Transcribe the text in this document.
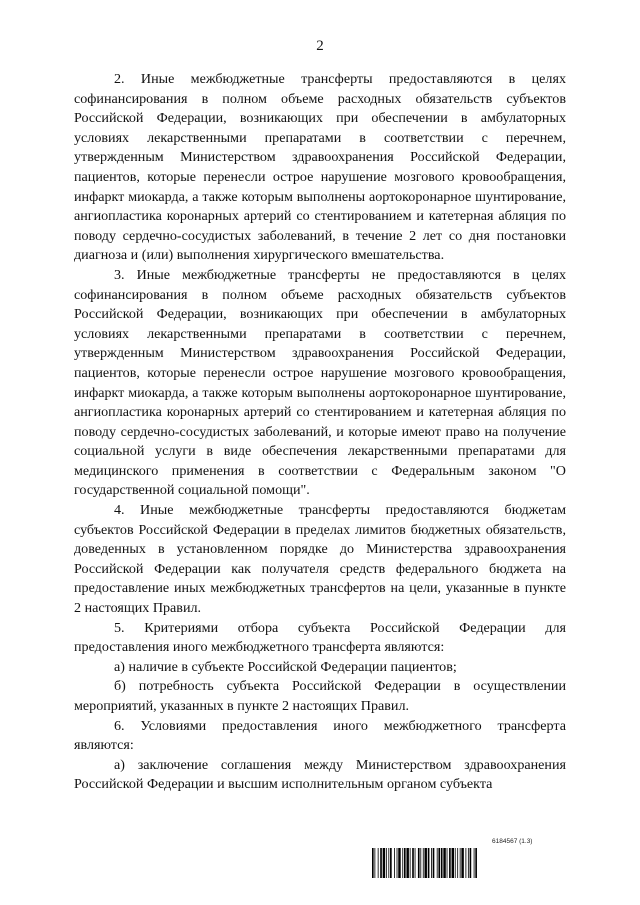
2

2. Иные межбюджетные трансферты предоставляются в целях софинансирования в полном объеме расходных обязательств субъектов Российской Федерации, возникающих при обеспечении в амбулаторных условиях лекарственными препаратами в соответствии с перечнем, утвержденным Министерством здравоохранения Российской Федерации, пациентов, которые перенесли острое нарушение мозгового кровообращения, инфаркт миокарда, а также которым выполнены аортокоронарное шунтирование, ангиопластика коронарных артерий со стентированием и катетерная абляция по поводу сердечно-сосудистых заболеваний, в течение 2 лет со дня постановки диагноза и (или) выполнения хирургического вмешательства.

3. Иные межбюджетные трансферты не предоставляются в целях софинансирования в полном объеме расходных обязательств субъектов Российской Федерации, возникающих при обеспечении в амбулаторных условиях лекарственными препаратами в соответствии с перечнем, утвержденным Министерством здравоохранения Российской Федерации, пациентов, которые перенесли острое нарушение мозгового кровообращения, инфаркт миокарда, а также которым выполнены аортокоронарное шунтирование, ангиопластика коронарных артерий со стентированием и катетерная абляция по поводу сердечно-сосудистых заболеваний, и которые имеют право на получение социальной услуги в виде обеспечения лекарственными препаратами для медицинского применения в соответствии с Федеральным законом "О государственной социальной помощи".

4. Иные межбюджетные трансферты предоставляются бюджетам субъектов Российской Федерации в пределах лимитов бюджетных обязательств, доведенных в установленном порядке до Министерства здравоохранения Российской Федерации как получателя средств федерального бюджета на предоставление иных межбюджетных трансфертов на цели, указанные в пункте 2 настоящих Правил.

5. Критериями отбора субъекта Российской Федерации для предоставления иного межбюджетного трансферта являются:

а) наличие в субъекте Российской Федерации пациентов;

б) потребность субъекта Российской Федерации в осуществлении мероприятий, указанных в пункте 2 настоящих Правил.

6. Условиями предоставления иного межбюджетного трансферта являются:

а) заключение соглашения между Министерством здравоохранения Российской Федерации и высшим исполнительным органом субъекта

6184567 (1.3)
